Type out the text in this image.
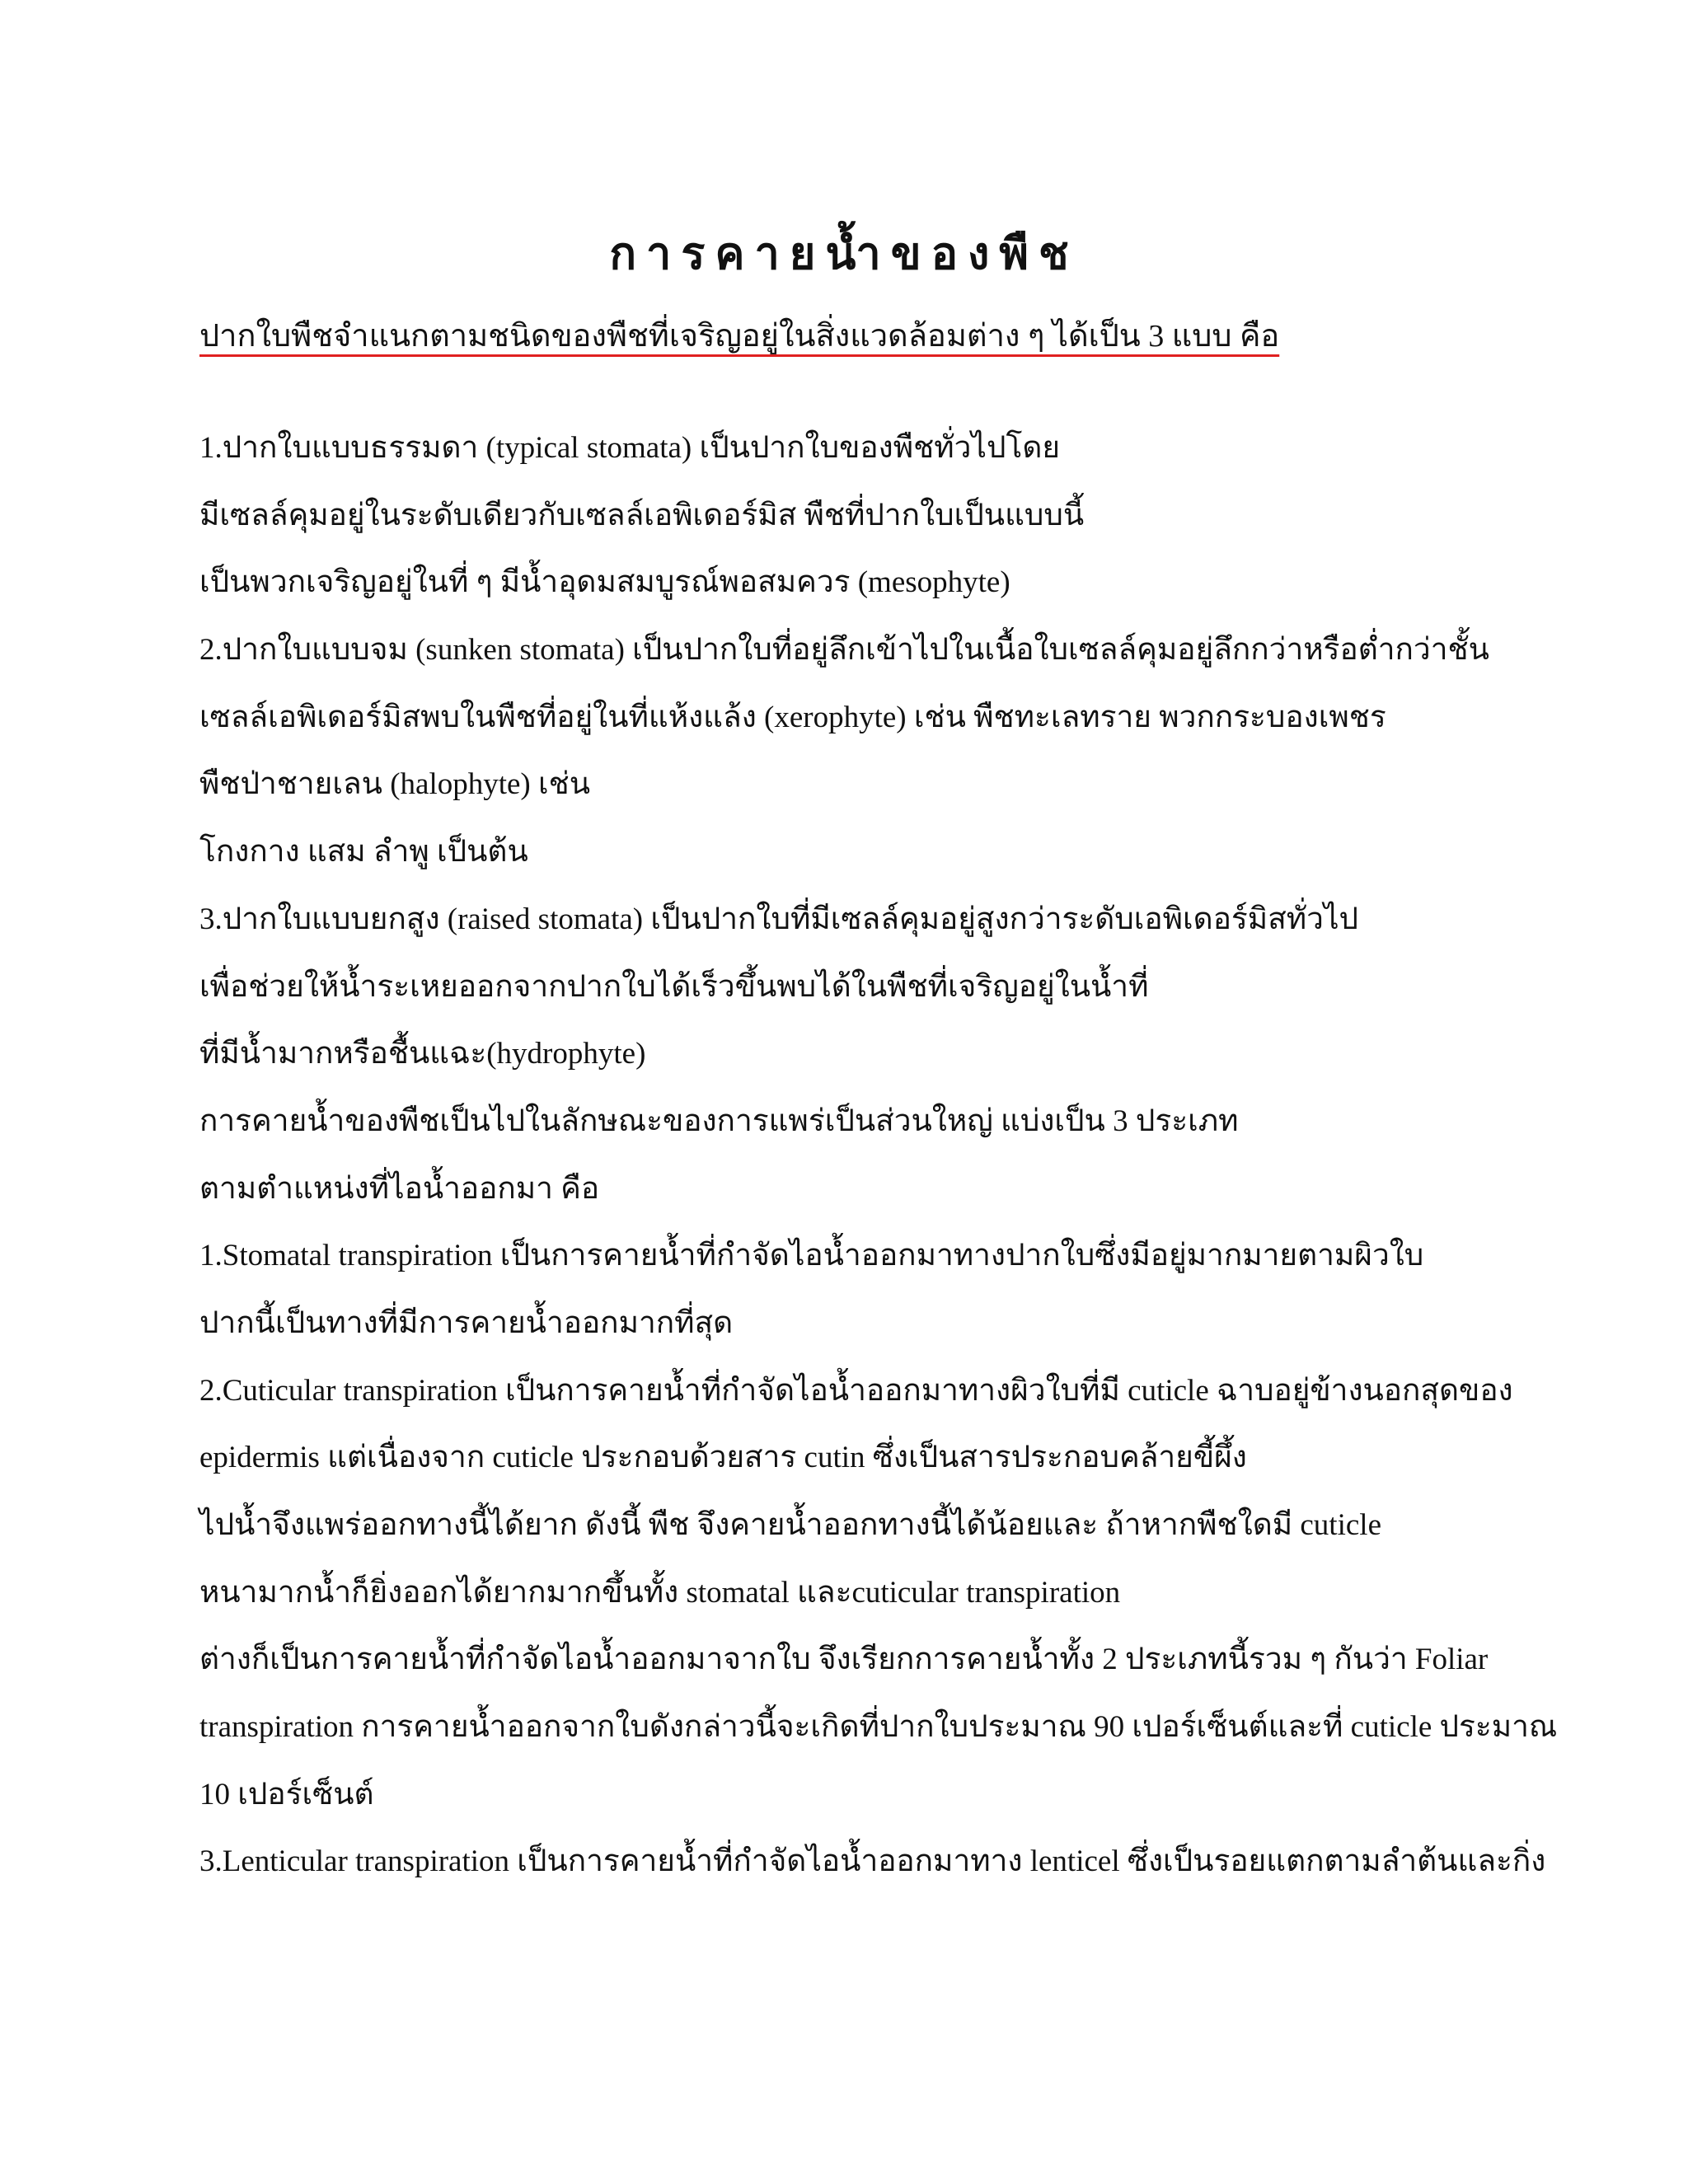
การคายน้ำของพืช
ปากใบพืชจำแนกตามชนิดของพืชที่เจริญอยู่ในสิ่งแวดล้อมต่าง ๆ ได้เป็น 3 แบบ คือ
1.ปากใบแบบธรรมดา (typical stomata) เป็นปากใบของพืชทั่วไปโดย
มีเซลล์คุมอยู่ในระดับเดียวกับเซลล์เอพิเดอร์มิส พืชที่ปากใบเป็นแบบนี้
เป็นพวกเจริญอยู่ในที่ ๆ มีน้ำอุดมสมบูรณ์พอสมควร (mesophyte)
2.ปากใบแบบจม (sunken stomata) เป็นปากใบที่อยู่ลึกเข้าไปในเนื้อใบเซลล์คุมอยู่ลึกกว่าหรือต่ำกว่าชั้น
เซลล์เอพิเดอร์มิสพบในพืชที่อยู่ในที่แห้งแล้ง (xerophyte) เช่น พืชทะเลทราย พวกกระบองเพชร
พืชป่าชายเลน (halophyte) เช่น
โกงกาง แสม ลำพู เป็นต้น
3.ปากใบแบบยกสูง (raised stomata) เป็นปากใบที่มีเซลล์คุมอยู่สูงกว่าระดับเอพิเดอร์มิสทั่วไป
เพื่อช่วยให้น้ำระเหยออกจากปากใบได้เร็วขึ้นพบได้ในพืชที่เจริญอยู่ในน้ำที่
ที่มีน้ำมากหรือชื้นแฉะ(hydrophyte)
การคายน้ำของพืชเป็นไปในลักษณะของการแพร่เป็นส่วนใหญ่ แบ่งเป็น 3 ประเภท
ตามตำแหน่งที่ไอน้ำออกมา คือ
1.Stomatal transpiration เป็นการคายน้ำที่กำจัดไอน้ำออกมาทางปากใบซึ่งมีอยู่มากมายตามผิวใบ
ปากนี้เป็นทางที่มีการคายน้ำออกมากที่สุด
2.Cuticular transpiration เป็นการคายน้ำที่กำจัดไอน้ำออกมาทางผิวใบที่มี cuticle ฉาบอยู่ข้างนอกสุดของ
epidermis แต่เนื่องจาก cuticle ประกอบด้วยสาร cutin ซึ่งเป็นสารประกอบคล้ายขี้ผึ้ง
ไปน้ำจึงแพร่ออกทางนี้ได้ยาก ดังนี้ พืช จึงคายน้ำออกทางนี้ได้น้อยและ ถ้าหากพืชใดมี cuticle
หนามากน้ำก็ยิ่งออกได้ยากมากขึ้นทั้ง stomatal และcuticular transpiration
ต่างก็เป็นการคายน้ำที่กำจัดไอน้ำออกมาจากใบ จึงเรียกการคายน้ำทั้ง 2 ประเภทนี้รวม ๆ กันว่า Foliar
transpiration การคายน้ำออกจากใบดังกล่าวนี้จะเกิดที่ปากใบประมาณ 90 เปอร์เซ็นต์และที่ cuticle ประมาณ
10 เปอร์เซ็นต์
3.Lenticular transpiration เป็นการคายน้ำที่กำจัดไอน้ำออกมาทาง lenticel ซึ่งเป็นรอยแตกตามลำต้นและกิ่ง
